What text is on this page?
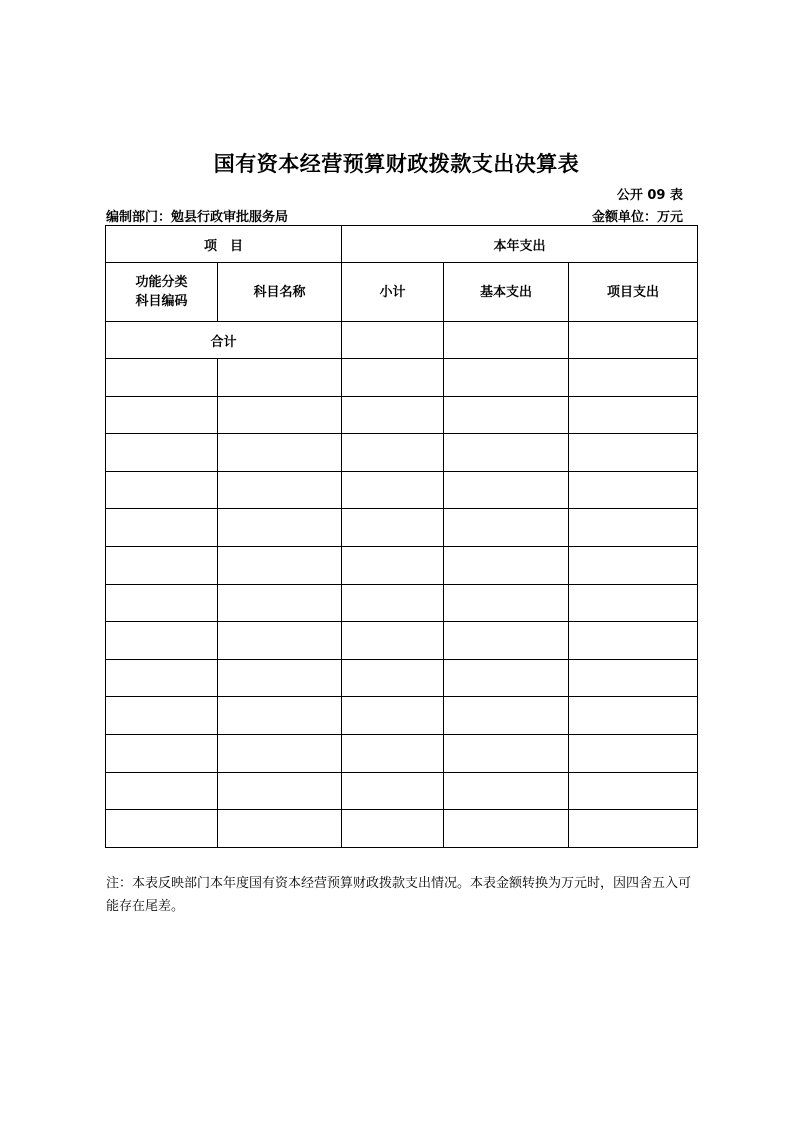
国有资本经营预算财政拨款支出决算表
公开 09 表
编制部门：勉县行政审批服务局	金额单位：万元
项　目		本年支出		

功能分类
科目编码	科目名称	小计	基本支出	项目支出
合计				

注：本表反映部门本年度国有资本经营预算财政拨款支出情况。本表金额转换为万元时，因四舍五入可能存在尾差。
